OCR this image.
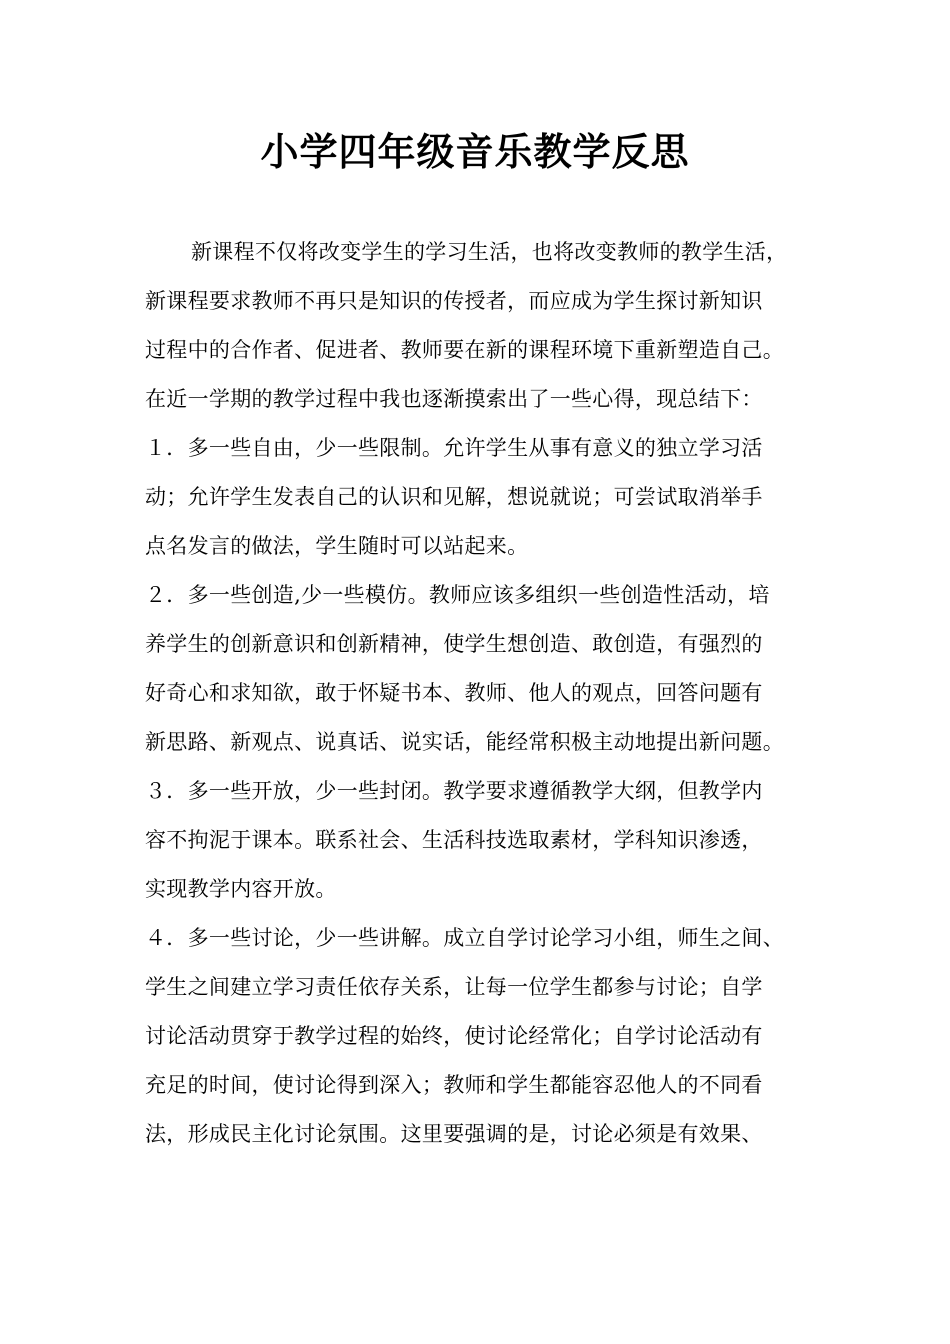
小学四年级音乐教学反思
新课程不仅将改变学生的学习生活，也将改变教师的教学生活，
新课程要求教师不再只是知识的传授者，而应成为学生探讨新知识
过程中的合作者、促进者、教师要在新的课程环境下重新塑造自己。
在近一学期的教学过程中我也逐渐摸索出了一些心得，现总结下：
１．多一些自由，少一些限制。允许学生从事有意义的独立学习活
动；允许学生发表自己的认识和见解，想说就说；可尝试取消举手
点名发言的做法，学生随时可以站起来。
２．多一些创造,少一些模仿。教师应该多组织一些创造性活动，培
养学生的创新意识和创新精神，使学生想创造、敢创造，有强烈的
好奇心和求知欲，敢于怀疑书本、教师、他人的观点，回答问题有
新思路、新观点、说真话、说实话，能经常积极主动地提出新问题。
３．多一些开放，少一些封闭。教学要求遵循教学大纲，但教学内
容不拘泥于课本。联系社会、生活科技选取素材，学科知识渗透，
实现教学内容开放。
４．多一些讨论，少一些讲解。成立自学讨论学习小组，师生之间、
学生之间建立学习责任依存关系，让每一位学生都参与讨论；自学
讨论活动贯穿于教学过程的始终，使讨论经常化；自学讨论活动有
充足的时间，使讨论得到深入；教师和学生都能容忍他人的不同看
法，形成民主化讨论氛围。这里要强调的是，讨论必须是有效果、
